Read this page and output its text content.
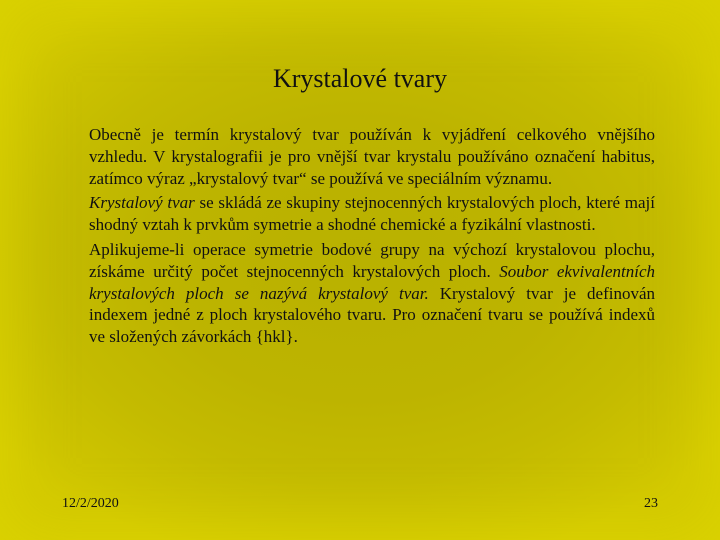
Krystalové tvary

Obecně je termín krystalový tvar používán k vyjádření celkového vnějšího vzhledu. V krystalografii je pro vnější tvar krystalu používáno označení habitus, zatímco výraz „krystalový tvar“ se používá ve speciálním významu.

Krystalový tvar se skládá ze skupiny stejnocenných krystalových ploch, které mají shodný vztah k prvkům symetrie a shodné chemické a fyzikální vlastnosti.

Aplikujeme-li operace symetrie bodové grupy na výchozí krystalovou plochu, získáme určitý počet stejnocenných krystalových ploch. Soubor ekvivalentních krystalových ploch se nazývá krystalový tvar. Krystalový tvar je definován indexem jedné z ploch krystalového tvaru. Pro označení tvaru se používá indexů ve složených závorkách {hkl}.

12/2/2020	23
